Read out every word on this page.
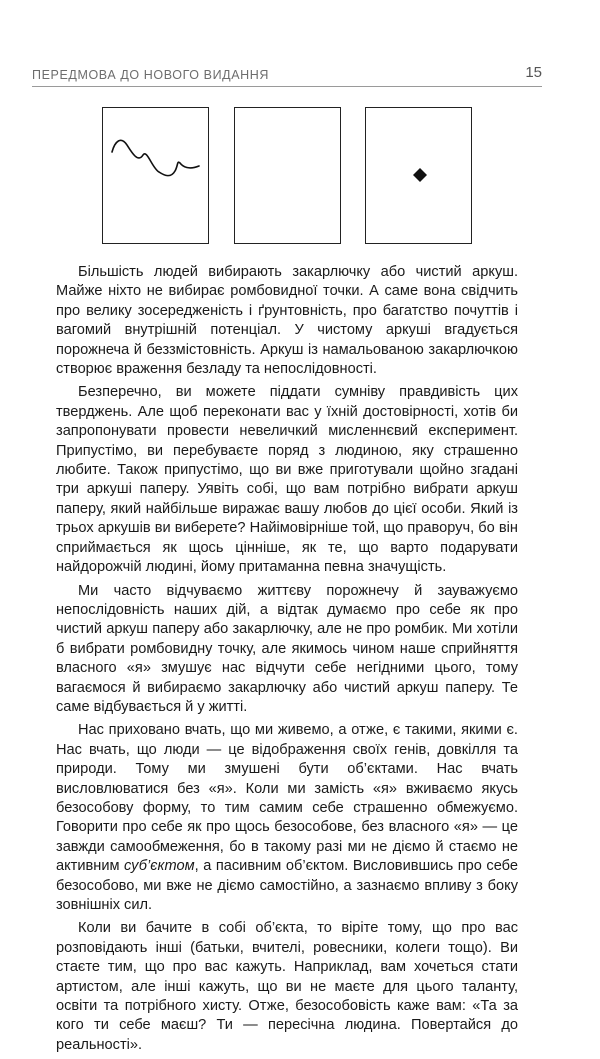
ПЕРЕДМОВА ДО НОВОГО ВИДАННЯ	15

Більшість людей вибирають закарлючку або чистий аркуш. Майже ніхто не вибирає ромбовидної точки. А саме вона свідчить про велику зосередженість і ґрунтовність, про багатство почуттів і вагомий внутрішній потенціал. У чистому аркуші вгадується порожнеча й беззмістовність. Аркуш із намальованою закарлючкою створює враження безладу та непослідовності.

Безперечно, ви можете піддати сумніву правдивість цих тверджень. Але щоб переконати вас у їхній достовірності, хотів би запропонувати провести невеличкий мисленнєвий експеримент. Припустімо, ви перебуваєте поряд з людиною, яку страшенно любите. Також припустімо, що ви вже приготували щойно згадані три аркуші паперу. Уявіть собі, що вам потрібно вибрати аркуш паперу, який найбільше виражає вашу любов до цієї особи. Який із трьох аркушів ви виберете? Найімовірніше той, що праворуч, бо він сприймається як щось цінніше, як те, що варто подарувати найдорожчій людині, йому притаманна певна значущість.

Ми часто відчуваємо життєву порожнечу й зауважуємо непослідовність наших дій, а відтак думаємо про себе як про чистий аркуш паперу або закарлючку, але не про ромбик. Ми хотіли б вибрати ромбовидну точку, але якимось чином наше сприйняття власного «я» змушує нас відчути себе негідними цього, тому вагаємося й вибираємо закарлючку або чистий аркуш паперу. Те саме відбувається й у житті.

Нас приховано вчать, що ми живемо, а отже, є такими, якими є. Нас вчать, що люди — це відображення своїх генів, довкілля та природи. Тому ми змушені бути об’єктами. Нас вчать висловлюватися без «я». Коли ми замість «я» вживаємо якусь безособову форму, то тим самим себе страшенно обмежуємо. Говорити про себе як про щось безособове, без власного «я» — це завжди самообмеження, бо в такому разі ми не діємо й стаємо не активним суб’єктом, а пасивним об’єктом. Висловившись про себе безособово, ми вже не діємо самостійно, а зазнаємо впливу з боку зовнішніх сил.

Коли ви бачите в собі об’єкта, то віріте тому, що про вас розповідають інші (батьки, вчителі, ровесники, колеги тощо). Ви стаєте тим, що про вас кажуть. Наприклад, вам хочеться стати артистом, але інші кажуть, що ви не маєте для цього таланту, освіти та потрібного хисту. Отже, безособовість каже вам: «Та за кого ти себе маєш? Ти — пересічна людина. Повертайся до реальності».
